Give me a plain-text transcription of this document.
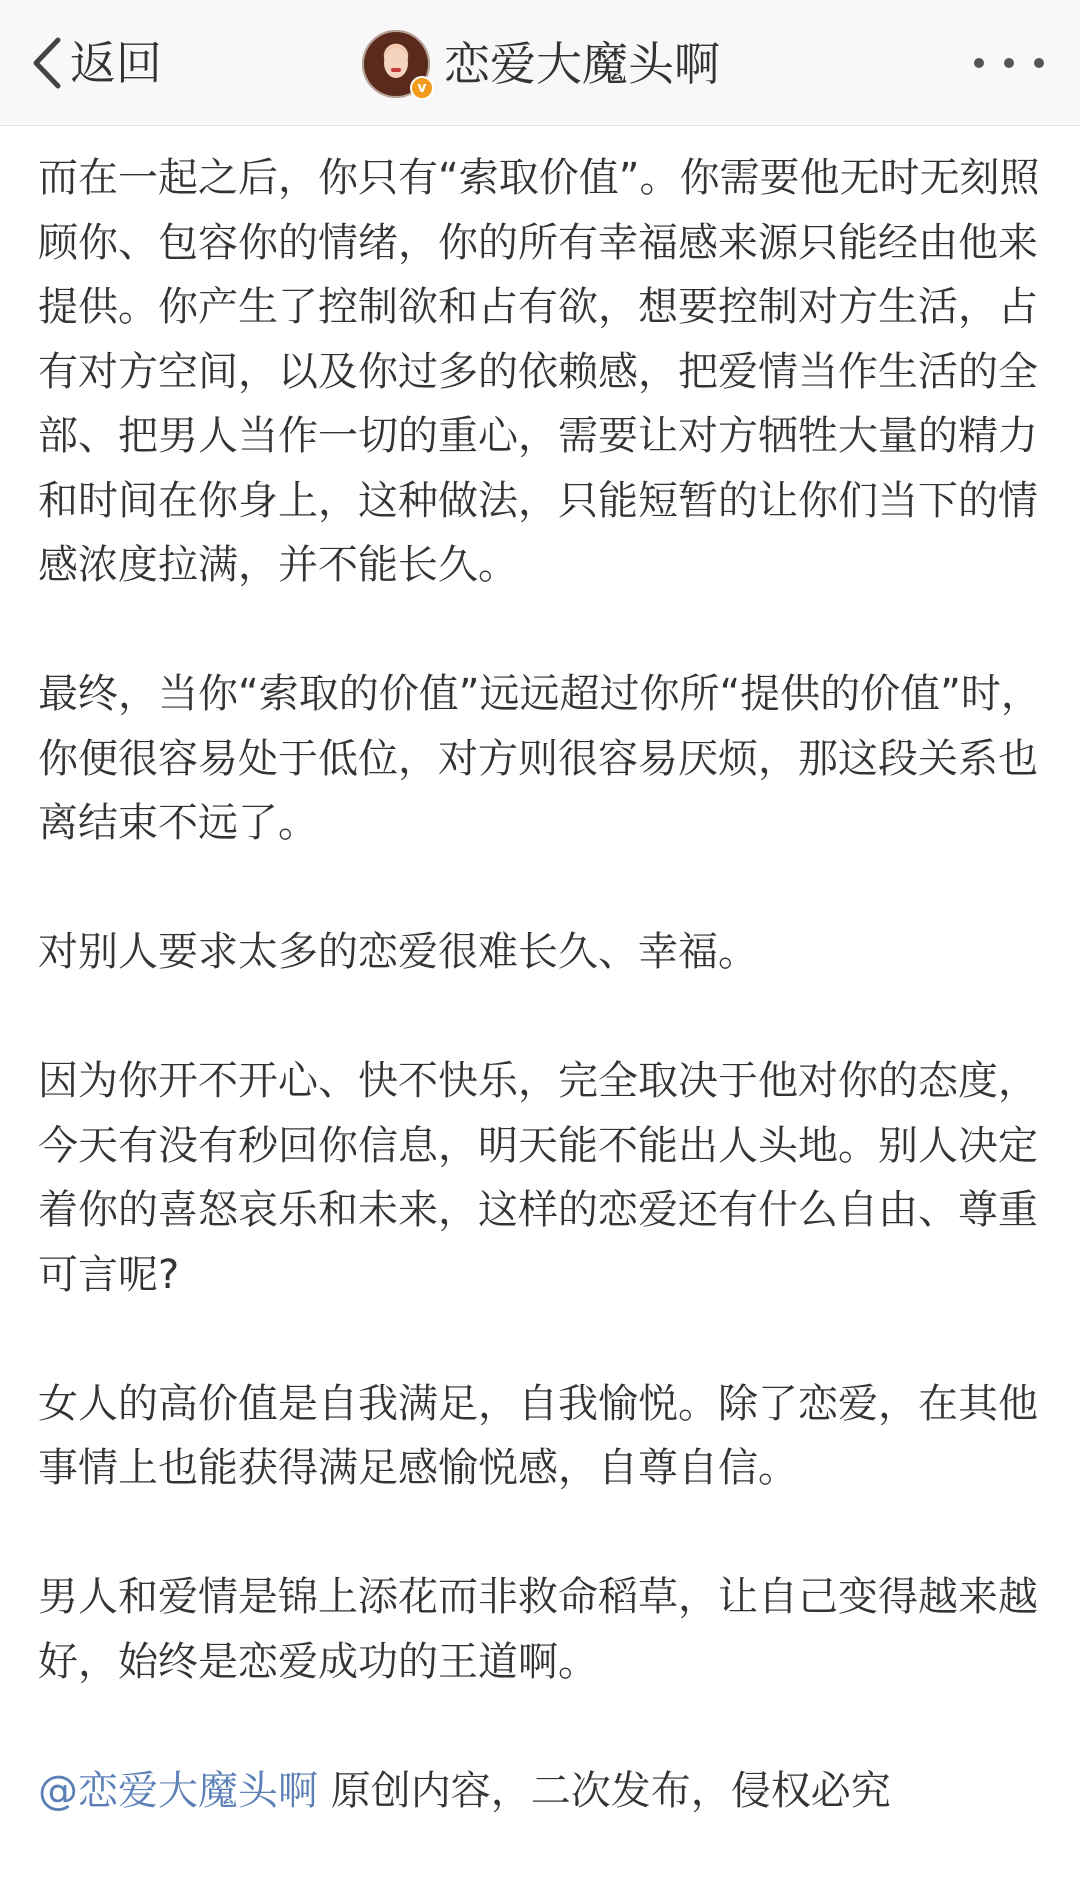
返回	v 恋爱大魔头啊

而在一起之后，你只有“索取价值”。你需要他无时无刻照顾你、包容你的情绪，你的所有幸福感来源只能经由他来提供。你产生了控制欲和占有欲，想要控制对方生活，占有对方空间，以及你过多的依赖感，把爱情当作生活的全部、把男人当作一切的重心，需要让对方牺牲大量的精力和时间在你身上，这种做法，只能短暂的让你们当下的情感浓度拉满，并不能长久。

最终，当你“索取的价值”远远超过你所“提供的价值”时，你便很容易处于低位，对方则很容易厌烦，那这段关系也离结束不远了。

对别人要求太多的恋爱很难长久、幸福。

因为你开不开心、快不快乐，完全取决于他对你的态度，今天有没有秒回你信息，明天能不能出人头地。别人决定着你的喜怒哀乐和未来，这样的恋爱还有什么自由、尊重可言呢?

女人的高价值是自我满足，自我愉悦。除了恋爱，在其他事情上也能获得满足感愉悦感，自尊自信。

男人和爱情是锦上添花而非救命稻草，让自己变得越来越好，始终是恋爱成功的王道啊。

@恋爱大魔头啊 原创内容，二次发布，侵权必究
